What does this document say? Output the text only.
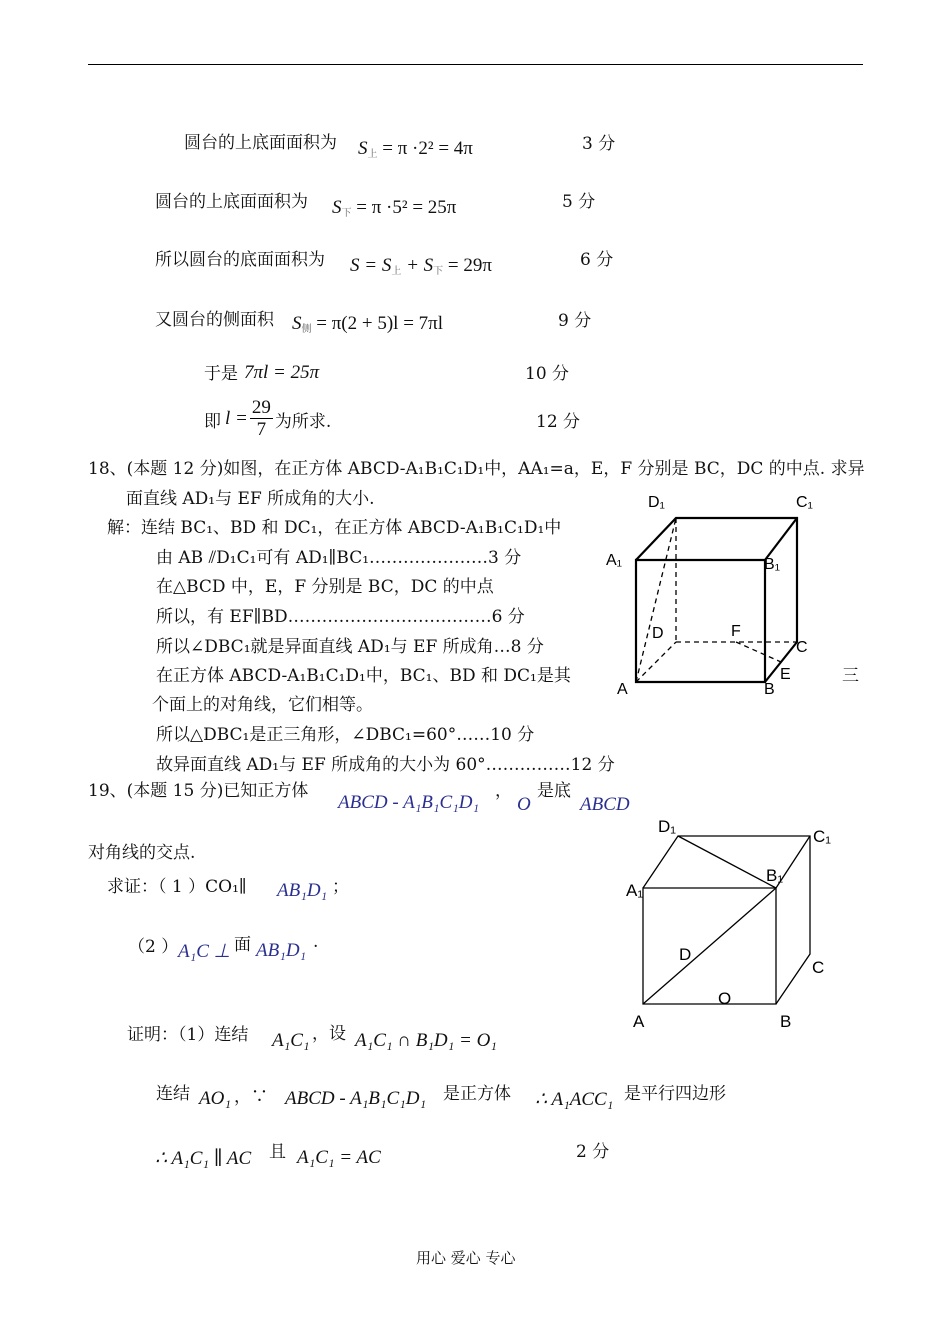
圆台的上底面面积为 S上 = π ·2² = 4π	3 分
圆台的上底面面积为 S下 = π ·5² = 25π	5 分
所以圆台的底面面积为 S = S上 + S下 = 29π	6 分
又圆台的侧面积 S侧 = π(2 + 5)l = 7πl	9 分
于是 7πl = 25π	10 分
即 $l = \frac{29}{7}$ 为所求.	12 分
18、(本题 12 分)如图，在正方体 ABCD-A₁B₁C₁D₁中，AA₁=a，E，F 分别是 BC，DC 的中点. 求异
面直线 AD₁与 EF 所成角的大小.
解：连结 BC₁、BD 和 DC₁，在正方体 ABCD-A₁B₁C₁D₁中
由 AB ⫽D₁C₁可有 AD₁∥BC₁…………………3 分
在△BCD 中，E，F 分别是 BC，DC 的中点
所以，有 EF∥BD………………………………6 分
所以∠DBC₁就是异面直线 AD₁与 EF 所成角…8 分
在正方体 ABCD-A₁B₁C₁D₁中，BC₁、BD 和 DC₁是其	三
个面上的对角线，它们相等。
所以△DBC₁是正三角形，∠DBC₁=60°……10 分
故异面直线 AD₁与 EF 所成角的大小为 60°……………12 分
D₁	C₁
A₁	B₁
D	F
C
E
A	B
19、(本题 15 分)已知正方体
ABCD - A₁B₁C₁D₁
，
O
是底
ABCD
对角线的交点.
求证：（ 1 ）CO₁∥ AB₁D₁ ；
（2 ） A₁C ⊥ 面 AB₁D₁ .
证明：（1）连结 A₁C₁ ，设 A₁C₁ ∩ B₁D₁ = O₁
连结 AO₁ ，∵ ABCD - A₁B₁C₁D₁ 是正方体 ∴ A₁ACC₁ 是平行四边形
∴ A₁C₁ ∥ AC 且 A₁C₁ = AC	2 分
D₁
C₁
B₁
A₁
D
C
O
A	B
用心 爱心 专心
